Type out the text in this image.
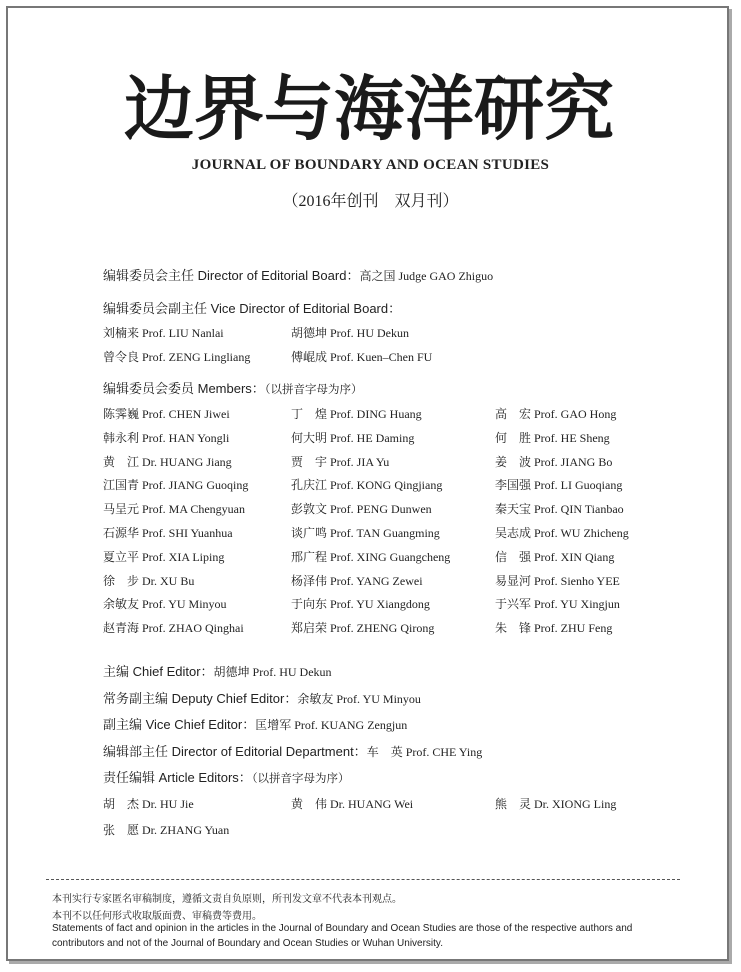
边 界 与 海 洋 研 究
JOURNAL OF BOUNDARY AND OCEAN STUDIES
（2016年创刊　双月刊）
编辑委员会主任 Director of Editorial Board：高之国 Judge GAO Zhiguo
编辑委员会副主任 Vice Director of Editorial Board：
刘楠来 Prof. LIU Nanlai	胡德坤 Prof. HU Dekun
曾令良 Prof. ZENG Lingliang	傅崐成 Prof. Kuen–Chen FU
编辑委员会委员 Members：（以拼音字母为序）
陈霁巍 Prof. CHEN Jiwei	丁　煌 Prof. DING Huang	高　宏 Prof. GAO Hong
韩永利 Prof. HAN Yongli	何大明 Prof. HE Daming	何　胜 Prof. HE Sheng
黄　江 Dr. HUANG Jiang	贾　宇 Prof. JIA Yu	姜　波 Prof. JIANG Bo
江国青 Prof. JIANG Guoqing	孔庆江 Prof. KONG Qingjiang	李国强 Prof. LI Guoqiang
马呈元 Prof. MA Chengyuan	彭敦文 Prof. PENG Dunwen	秦天宝 Prof. QIN Tianbao
石源华 Prof. SHI Yuanhua	谈广鸣 Prof. TAN Guangming	吴志成 Prof. WU Zhicheng
夏立平 Prof. XIA Liping	邢广程 Prof. XING Guangcheng	信　强 Prof. XIN Qiang
徐　步 Dr. XU Bu	杨泽伟 Prof. YANG Zewei	易显河 Prof. Sienho YEE
余敏友 Prof. YU Minyou	于向东 Prof. YU Xiangdong	于兴军 Prof. YU Xingjun
赵青海 Prof. ZHAO Qinghai	郑启荣 Prof. ZHENG Qirong	朱　锋 Prof. ZHU Feng
主编 Chief Editor：胡德坤 Prof. HU Dekun
常务副主编 Deputy Chief Editor：余敏友 Prof. YU Minyou
副主编 Vice Chief Editor：匡增军 Prof. KUANG Zengjun
编辑部主任 Director of Editorial Department：车　英 Prof. CHE Ying
责任编辑 Article Editors：（以拼音字母为序）
胡　杰 Dr. HU Jie	黄　伟 Dr. HUANG Wei	熊　灵 Dr. XIONG Ling
张　愿 Dr. ZHANG Yuan
本刊实行专家匿名审稿制度，遵循文责自负原则，所刊发文章不代表本刊观点。
本刊不以任何形式收取版面费、审稿费等费用。
Statements of fact and opinion in the articles in the Journal of Boundary and Ocean Studies are those of the respective authors and
contributors and not of the Journal of Boundary and Ocean Studies or Wuhan University.
